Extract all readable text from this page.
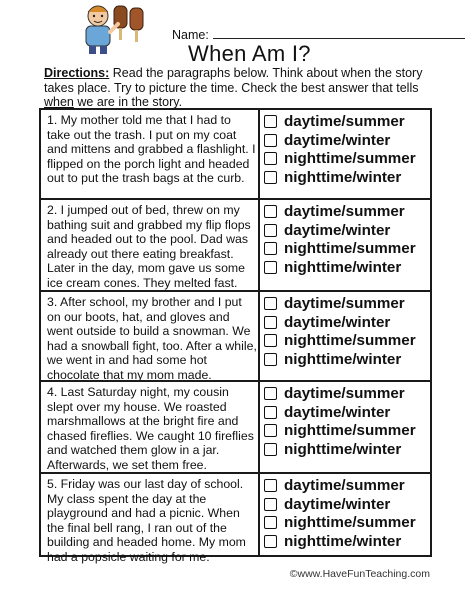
Name:
When Am I?
Directions: Read the paragraphs below. Think about when the story takes place. Try to picture the time. Check the best answer that tells when we are in the story.
1. My mother told me that I had to take out the trash. I put on my coat and mittens and grabbed a flashlight. I flipped on the porch light and headed out to put the trash bags at the curb.
daytime/summer
daytime/winter
nighttime/summer
nighttime/winter
2. I jumped out of bed, threw on my bathing suit and grabbed my flip flops and headed out to the pool. Dad was already out there eating breakfast. Later in the day, mom gave us some ice cream cones. They melted fast.
daytime/summer
daytime/winter
nighttime/summer
nighttime/winter
3. After school, my brother and I put on our boots, hat, and gloves and went outside to build a snowman. We had a snowball fight, too. After a while, we went in and had some hot chocolate that my mom made.
daytime/summer
daytime/winter
nighttime/summer
nighttime/winter
4. Last Saturday night, my cousin slept over my house. We roasted marshmallows at the bright fire and chased fireflies. We caught 10 fireflies and watched them glow in a jar. Afterwards, we set them free.
daytime/summer
daytime/winter
nighttime/summer
nighttime/winter
5. Friday was our last day of school. My class spent the day at the playground and had a picnic. When the final bell rang, I ran out of the building and headed home. My mom had a popsicle waiting for me.
daytime/summer
daytime/winter
nighttime/summer
nighttime/winter
©www.HaveFunTeaching.com
